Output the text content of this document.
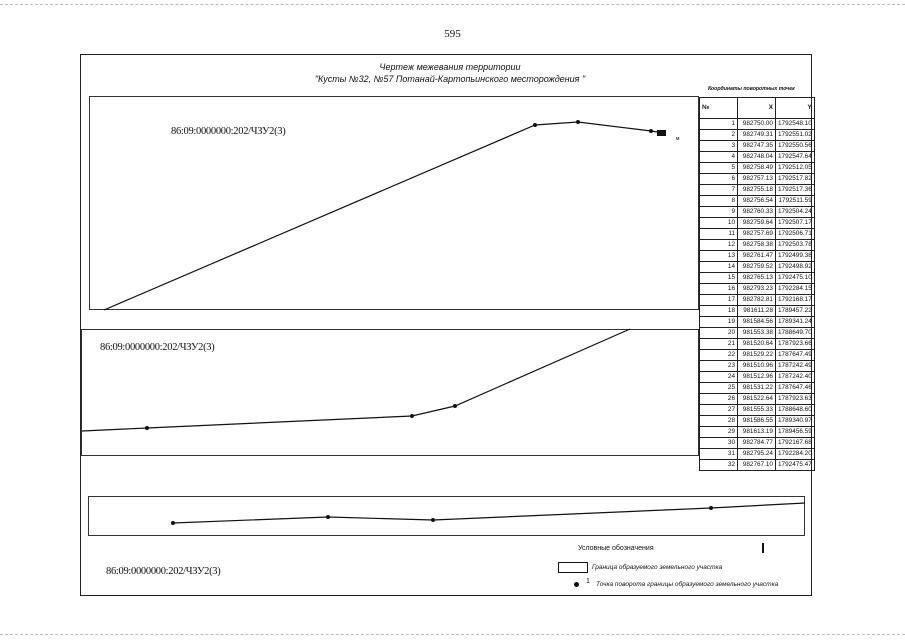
595
Чертеж межевания территории
"Кусты №32, №57 Потанай-Картопьинского месторождения "
м
86:09:0000000:202/ЧЗУ2(3)
86:09:0000000:202/ЧЗУ2(3)
86:09:0000000:202/ЧЗУ2(3)
Координаты поворотных точек
№	X	Y
1	982750.00	1792548.10
2	982749.31	1792551.02
3	982747.35	1792550.56
4	982748.04	1792547.64
5	982758.49	1792512.05
6	982757.13	1792517.82
7	982755.18	1792517.36
8	982756.54	1792511.59
9	982760.33	1792504.24
10	982759.64	1792507.17
11	982757.69	1792506.71
12	982758.38	1792503.78
13	982761.47	1792499.38
14	982759.52	1792498.92
15	982765.13	1792475.10
16	982793.23	1792284.15
17	982782.81	1792168.17
18	981611.28	1789457.22
19	981584.56	1789341.24
20	981553.38	1788649.70
21	981520.64	1787923.66
22	981529.22	1787647.49
23	981510.96	1787242.49
24	981512.96	1787242.40
25	981531.22	1787647.46
26	981522.64	1787923.63
27	981555.33	1788648.60
28	981586.55	1789340.97
29	981613.19	1789456.59
30	982784.77	1792167.68
31	982795.24	1792284.20
32	982767.10	1792475.47
Условные обозначения
Граница образуемого земельного участка
1 Точка поворота границы образуемого земельного участка
